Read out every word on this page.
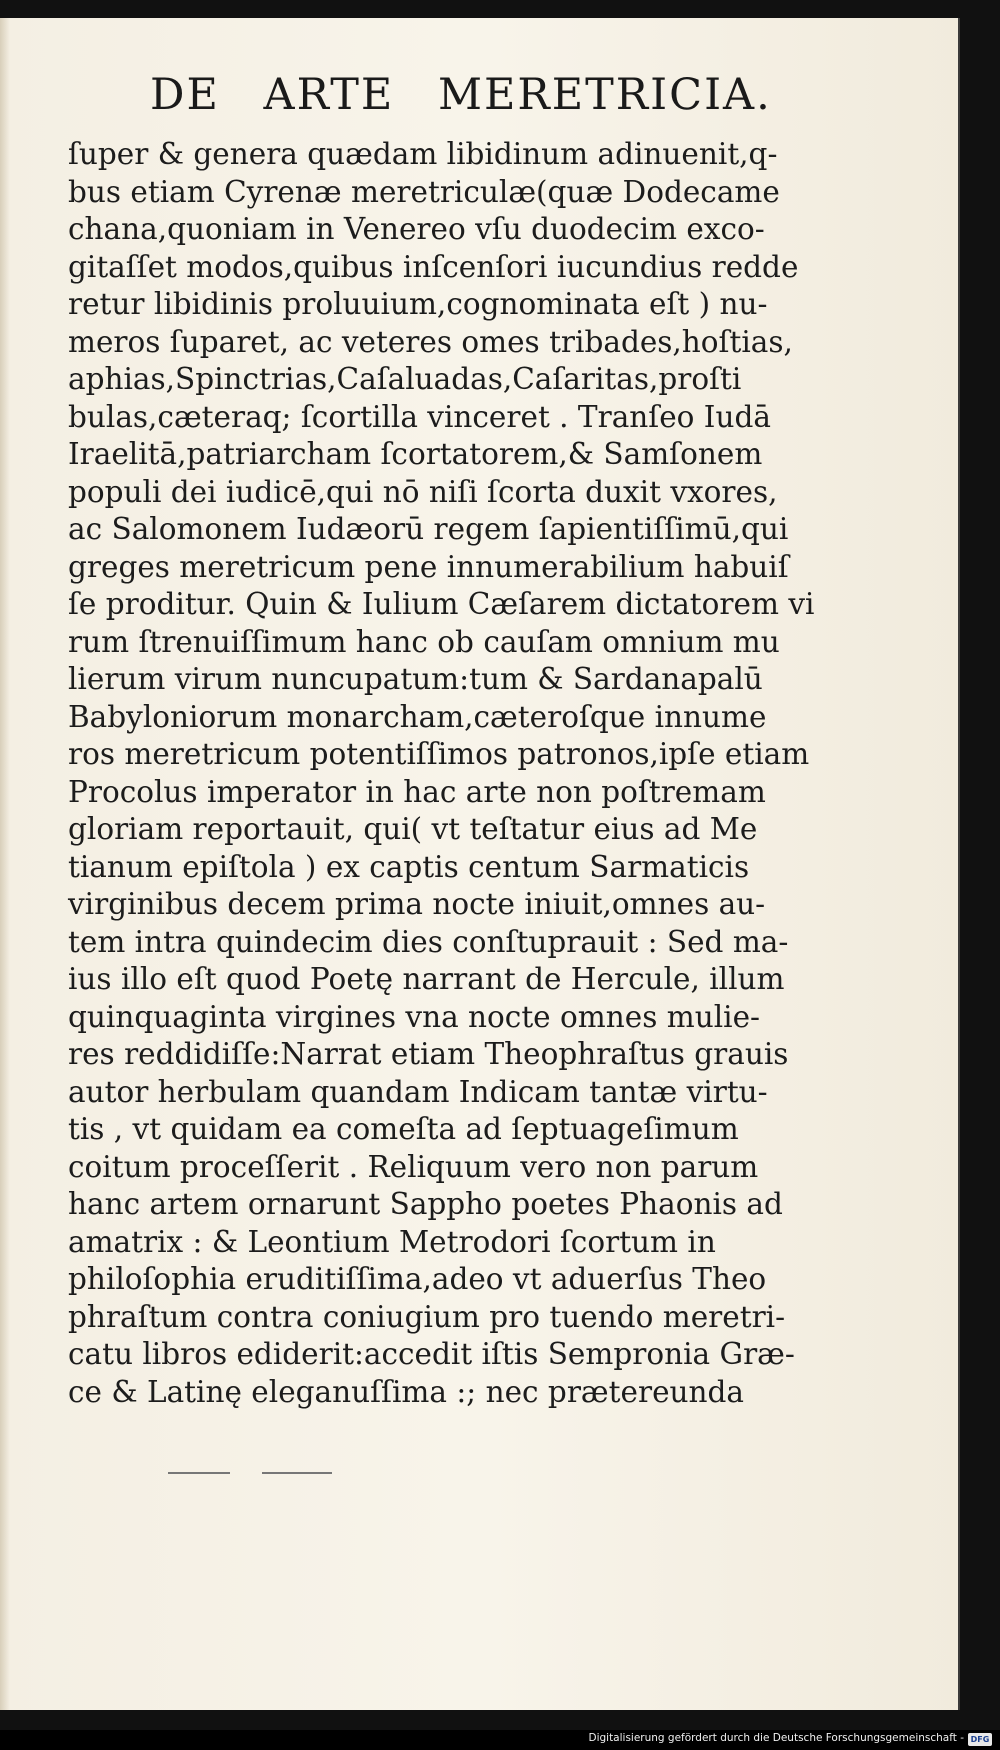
DE ARTE MERETRICIA.
ſuper & genera quædam libidinum adinuenit,q-
bus etiam Cyrenæ meretriculæ(quæ Dodecame
chana,quoniam in Venereo vſu duodecim exco-
gitaſſet modos,quibus inſcenſori iucundius redde
retur libidinis proluuium,cognominata eſt ) nu-
meros ſuparet, ac veteres omes tribades,hoſtias,
aphias,Spinctrias,Caſaluadas,Caſaritas,proſti
bulas,cæteraq; ſcortilla vinceret . Tranſeo Iudā
Iraelitā,patriarcham ſcortatorem,& Samſonem
populi dei iudicē,qui nō niſi ſcorta duxit vxores,
ac Salomonem Iudæorū regem ſapientiſſimū,qui
greges meretricum pene innumerabilium habuiſ
ſe proditur. Quin & Iulium Cæſarem dictatorem vi
rum ſtrenuiſſimum hanc ob cauſam omnium mu
lierum virum nuncupatum:tum & Sardanapalū
Babyloniorum monarcham,cæteroſque innume
ros meretricum potentiſſimos patronos,ipſe etiam
Procolus imperator in hac arte non poſtremam
gloriam reportauit, qui( vt teſtatur eius ad Me
tianum epiſtola ) ex captis centum Sarmaticis
virginibus decem prima nocte iniuit,omnes au-
tem intra quindecim dies conſtuprauit : Sed ma-
ius illo eſt quod Poetę narrant de Hercule, illum
quinquaginta virgines vna nocte omnes mulie-
res reddidiſſe:Narrat etiam Theophraſtus grauis
autor herbulam quandam Indicam tantæ virtu-
tis , vt quidam ea comeſta ad ſeptuageſimum
coitum proceſſerit . Reliquum vero non parum
hanc artem ornarunt Sappho poetes Phaonis ad
amatrix : & Leontium Metrodori ſcortum in
philoſophia eruditiſſima,adeo vt aduerſus Theo
phraſtum contra coniugium pro tuendo meretri-
catu libros ediderit:accedit iſtis Sempronia Græ-
ce & Latinę eleganuſſima :; nec prætereunda
Digitalisierung gefördert durch die Deutsche Forschungsgemeinschaft - DFG
